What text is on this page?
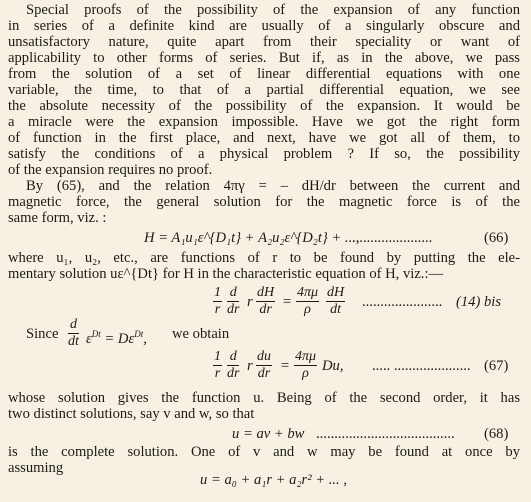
Special proofs of the possibility of the expansion of any function
in series of a definite kind are usually of a singularly obscure and
unsatisfactory nature, quite apart from their speciality or want of
applicability to other forms of series. But if, as in the above, we pass
from the solution of a set of linear differential equations with one
variable, the time, to that of a partial differential equation, we see
the absolute necessity of the possibility of the expansion. It would be
a miracle were the expansion impossible. Have we got the right form
of function in the first place, and next, have we got all of them, to
satisfy the conditions of a physical problem ? If so, the possibility
of the expansion requires no proof.
By (65), and the relation 4πγ = – dH/dr between the current and
magnetic force, the general solution for the magnetic force is of the
same form, viz. :
H = A₁u₁ε^{D₁t} + A₂u₂ε^{D₂t} + ...,
......................	(66)
where u₁, u₂, etc., are functions of r to be found by putting the ele-
mentary solution uε^{Dt} for H in the characteristic equation of H, viz.:—
1
r
d
dr r
dH
dr =
4πμ
ρ
dH
dt ...................... (14) bis
Since
d
dt $\varepsilon^{Dt} = D\varepsilon^{Dt}$, we obtain
1
r
d
dr r
du
dr =
4πμ
ρ Du, ..... ..................... (67)
whose solution gives the function u. Being of the second order, it has
two distinct solutions, say v and w, so that
u = av + bw ...................................... (68)
is the complete solution. One of v and w may be found at once by
assuming
u = a₀ + a₁r + a₂r² + ... ,
